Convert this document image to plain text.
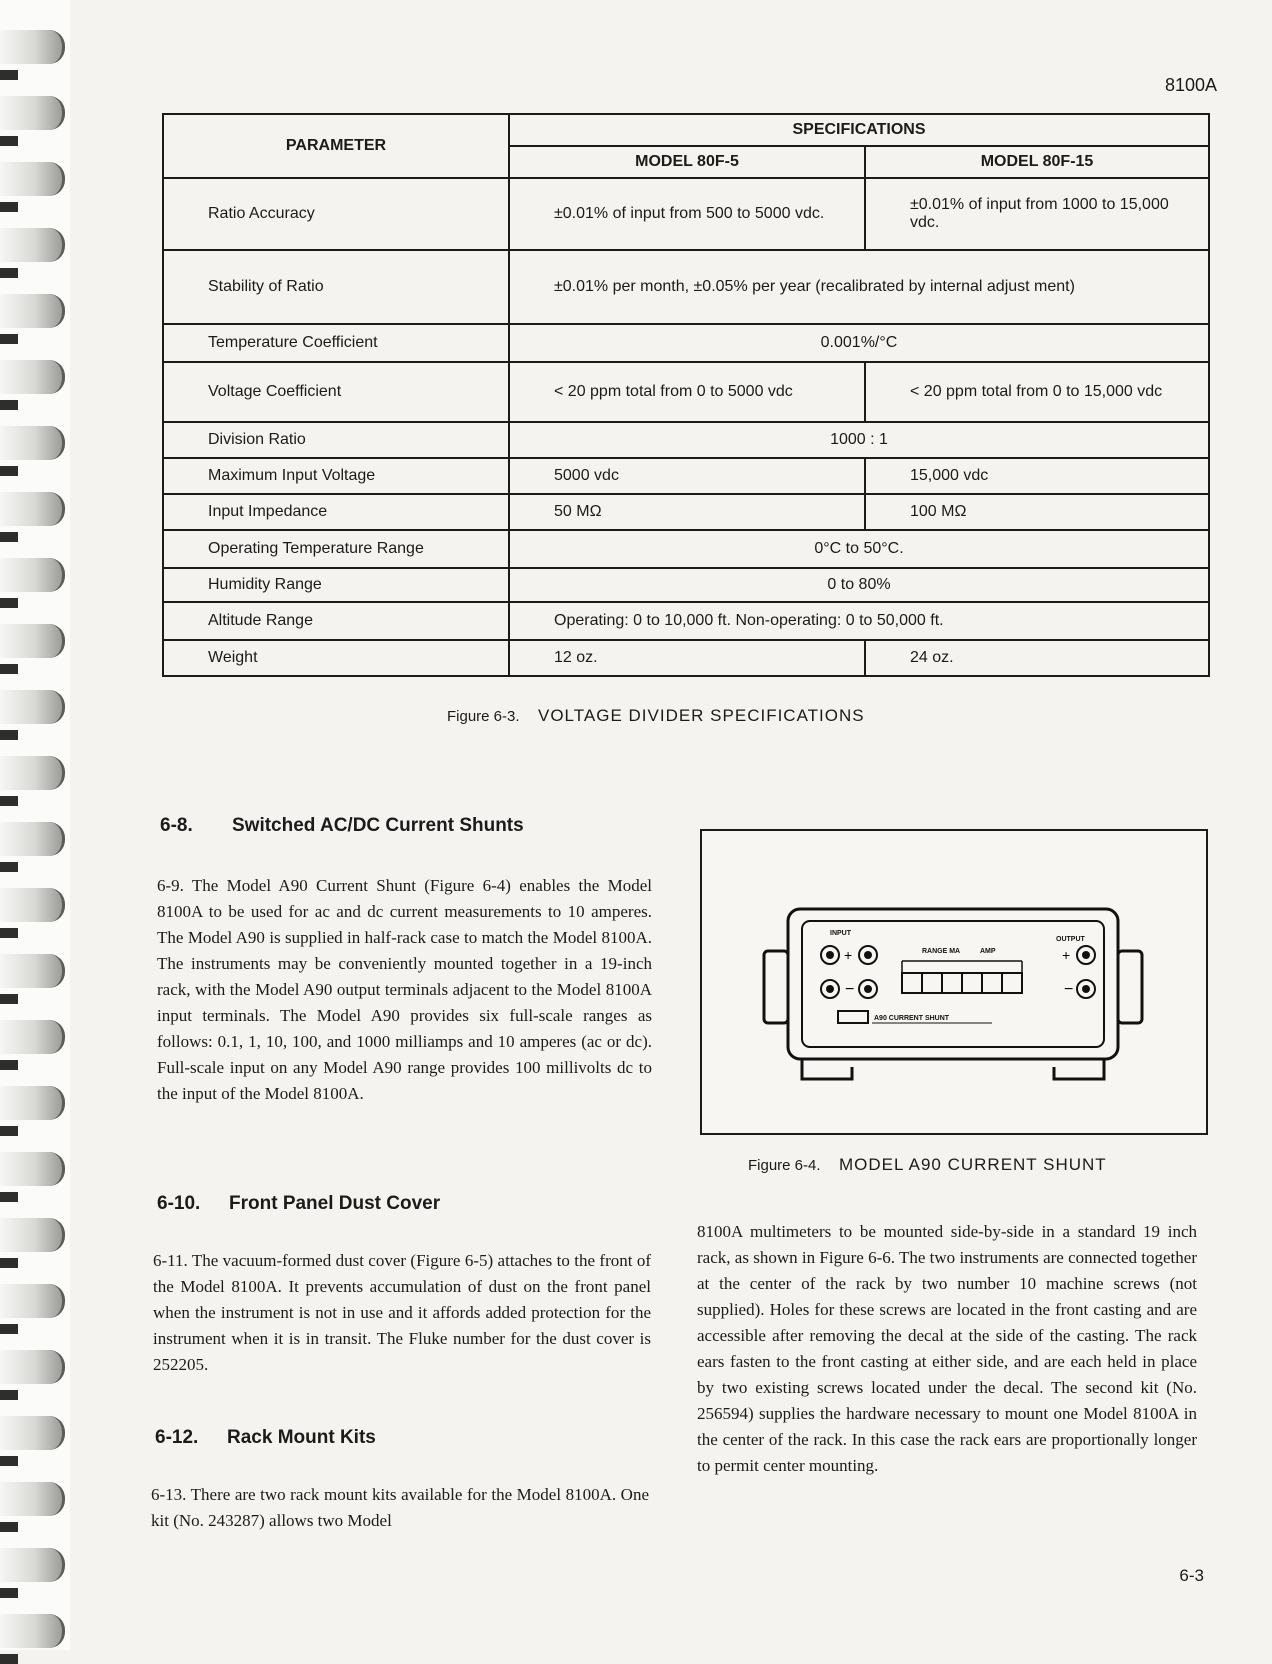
8100A
PARAMETER	SPECIFICATIONS	
	MODEL 80F-5	MODEL 80F-15
Ratio Accuracy	±0.01% of input from 500 to 5000 vdc.	±0.01% of input from 1000 to 15,000 vdc.
Stability of Ratio	±0.01% per month, ±0.05% per year (recalibrated by internal adjust ment)	
Temperature Coefficient	0.001%/°C	
Voltage Coefficient	< 20 ppm total from 0 to 5000 vdc	< 20 ppm total from 0 to 15,000 vdc
Division Ratio	1000 : 1	
Maximum Input Voltage	5000 vdc	15,000 vdc
Input Impedance	50 MΩ	100 MΩ
Operating Temperature Range	0°C to 50°C.	
Humidity Range	0 to 80%	
Altitude Range	Operating: 0 to 10,000 ft. Non-operating: 0 to 50,000 ft.	
Weight	12 oz.	24 oz.
Figure 6-3. VOLTAGE DIVIDER SPECIFICATIONS
6-8. Switched AC/DC Current Shunts

6-9. The Model A90 Current Shunt (Figure 6-4) enables the Model 8100A to be used for ac and dc current measurements to 10 amperes. The Model A90 is supplied in half-rack case to match the Model 8100A. The instruments may be conveniently mounted together in a 19-inch rack, with the Model A90 output terminals adjacent to the Model 8100A input terminals. The Model A90 provides six full-scale ranges as follows: 0.1, 1, 10, 100, and 1000 milliamps and 10 amperes (ac or dc). Full-scale input on any Model A90 range provides 100 millivolts dc to the input of the Model 8100A.

6-10. Front Panel Dust Cover

6-11. The vacuum-formed dust cover (Figure 6-5) attaches to the front of the Model 8100A. It prevents accumulation of dust on the front panel when the instrument is not in use and it affords added protection for the instrument when it is in transit. The Fluke number for the dust cover is 252205.

6-12. Rack Mount Kits

6-13. There are two rack mount kits available for the Model 8100A. One kit (No. 243287) allows two Model

INPUT
OUTPUT
RANGE MA	AMP
A90 CURRENT SHUNT
+
−
+
−
Figure 6-4. MODEL A90 CURRENT SHUNT

8100A multimeters to be mounted side-by-side in a standard 19 inch rack, as shown in Figure 6-6. The two instruments are connected together at the center of the rack by two number 10 machine screws (not supplied). Holes for these screws are located in the front casting and are accessible after removing the decal at the side of the casting. The rack ears fasten to the front casting at either side, and are each held in place by two existing screws located under the decal. The second kit (No. 256594) supplies the hardware necessary to mount one Model 8100A in the center of the rack. In this case the rack ears are proportionally longer to permit center mounting.

6-3
